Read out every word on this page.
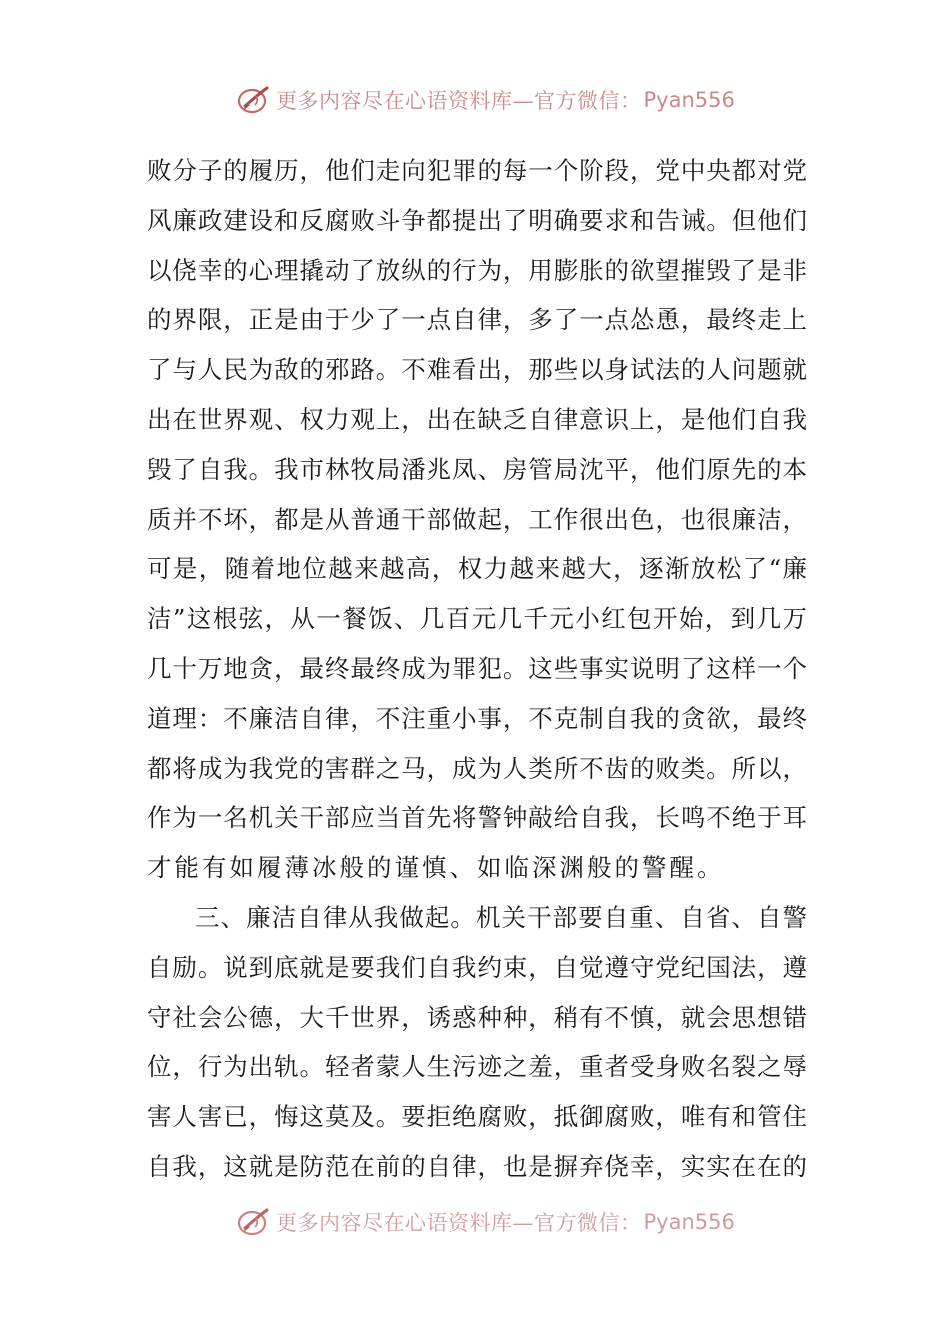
更多内容尽在心语资料库—官方微信： Pyan556
败分子的履历，他们走向犯罪的每一个阶段，党中央都对党
风廉政建设和反腐败斗争都提出了明确要求和告诫。但他们
以侥幸的心理撬动了放纵的行为，用膨胀的欲望摧毁了是非
的界限，正是由于少了一点自律，多了一点怂恿，最终走上
了与人民为敌的邪路。不难看出，那些以身试法的人问题就
出在世界观、权力观上，出在缺乏自律意识上，是他们自我
毁了自我。我市林牧局潘兆凤、房管局沈平，他们原先的本
质并不坏，都是从普通干部做起，工作很出色，也很廉洁，
可是，随着地位越来越高，权力越来越大，逐渐放松了“廉
洁”这根弦，从一餐饭、几百元几千元小红包开始，到几万
几十万地贪，最终最终成为罪犯。这些事实说明了这样一个
道理：不廉洁自律，不注重小事，不克制自我的贪欲，最终
都将成为我党的害群之马，成为人类所不齿的败类。所以，
作为一名机关干部应当首先将警钟敲给自我，长鸣不绝于耳
才能有如履薄冰般的谨慎、如临深渊般的警醒。
三、廉洁自律从我做起。机关干部要自重、自省、自警
自励。说到底就是要我们自我约束，自觉遵守党纪国法，遵
守社会公德，大千世界，诱惑种种，稍有不慎，就会思想错
位，行为出轨。轻者蒙人生污迹之羞，重者受身败名裂之辱
害人害已，悔这莫及。要拒绝腐败，抵御腐败，唯有和管住
自我，这就是防范在前的自律，也是摒弃侥幸，实实在在的
更多内容尽在心语资料库—官方微信： Pyan556
